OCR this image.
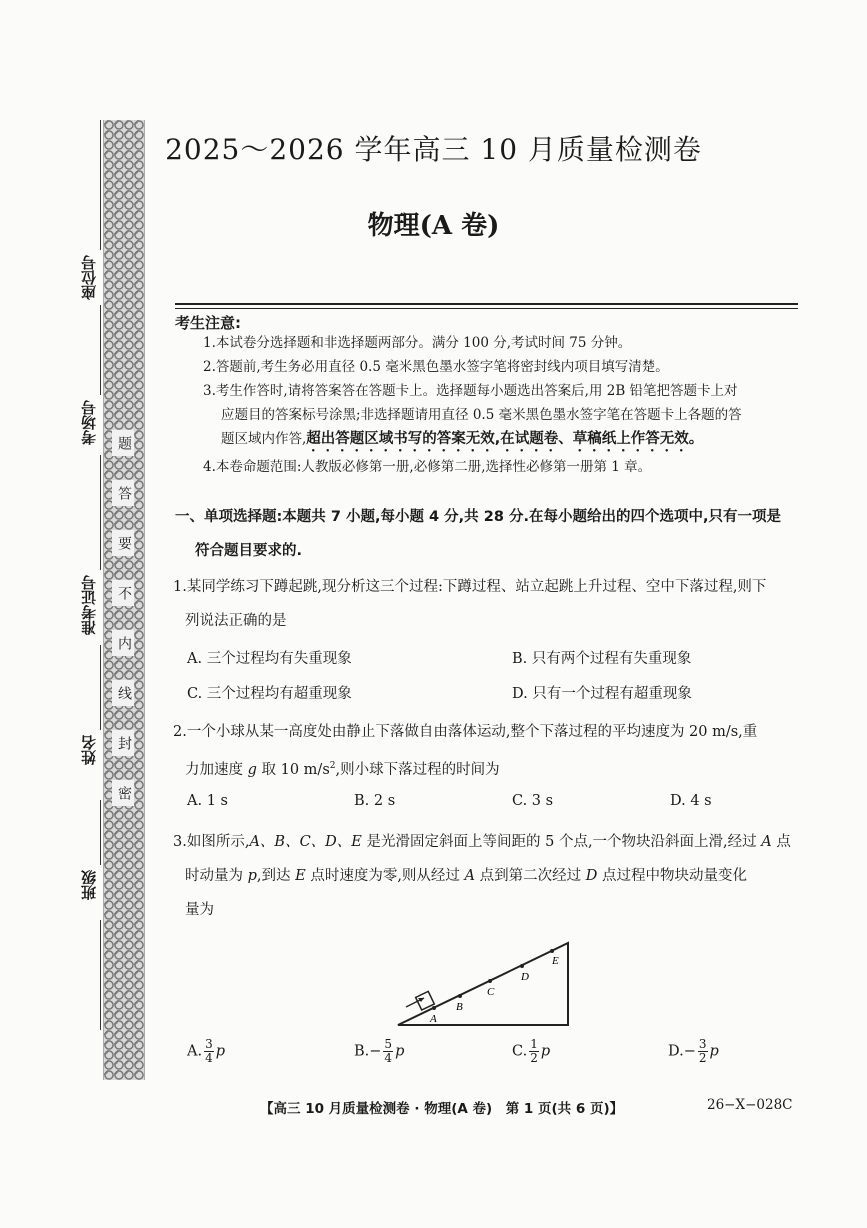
题
答
要
不
内
线
封
密
座位号
考场号
准考证号
姓名
班级
2025～2026 学年高三 10 月质量检测卷
物理(A 卷)
考生注意:
1.本试卷分选择题和非选择题两部分。满分 100 分,考试时间 75 分钟。
2.答题前,考生务必用直径 0.5 毫米黑色墨水签字笔将密封线内项目填写清楚。
3.考生作答时,请将答案答在答题卡上。选择题每小题选出答案后,用 2B 铅笔把答题卡上对
应题目的答案标号涂黑;非选择题请用直径 0.5 毫米黑色墨水签字笔在答题卡上各题的答
题区域内作答,超出答题区域书写的答案无效,在试题卷、草稿纸上作答无效。
4.本卷命题范围:人教版必修第一册,必修第二册,选择性必修第一册第 1 章。
一、单项选择题:本题共 7 小题,每小题 4 分,共 28 分.在每小题给出的四个选项中,只有一项是
符合题目要求的.
1.某同学练习下蹲起跳,现分析这三个过程:下蹲过程、站立起跳上升过程、空中下落过程,则下
列说法正确的是
A. 三个过程均有失重现象	B. 只有两个过程有失重现象
C. 三个过程均有超重现象	D. 只有一个过程有超重现象
2.一个小球从某一高度处由静止下落做自由落体运动,整个下落过程的平均速度为 20 m/s,重
力加速度 g 取 10 $m/s^2$,则小球下落过程的时间为
A. 1 s	B. 2 s	C. 3 s	D. 4 s
3.如图所示,A、B、C、D、E 是光滑固定斜面上等间距的 5 个点,一个物块沿斜面上滑,经过 A 点
时动量为 p,到达 E 点时速度为零,则从经过 A 点到第二次经过 D 点过程中物块动量变化
量为
A
B
C
D
E
A. $\frac{3}{4}$ p	$B.- \frac{5}{4}$ p	C. $\frac{1}{2}$ p	$D.- \frac{3}{2}$ p
【高三 10 月质量检测卷 · 物理(A 卷)　第 1 页(共 6 页)】	26−X−028C
